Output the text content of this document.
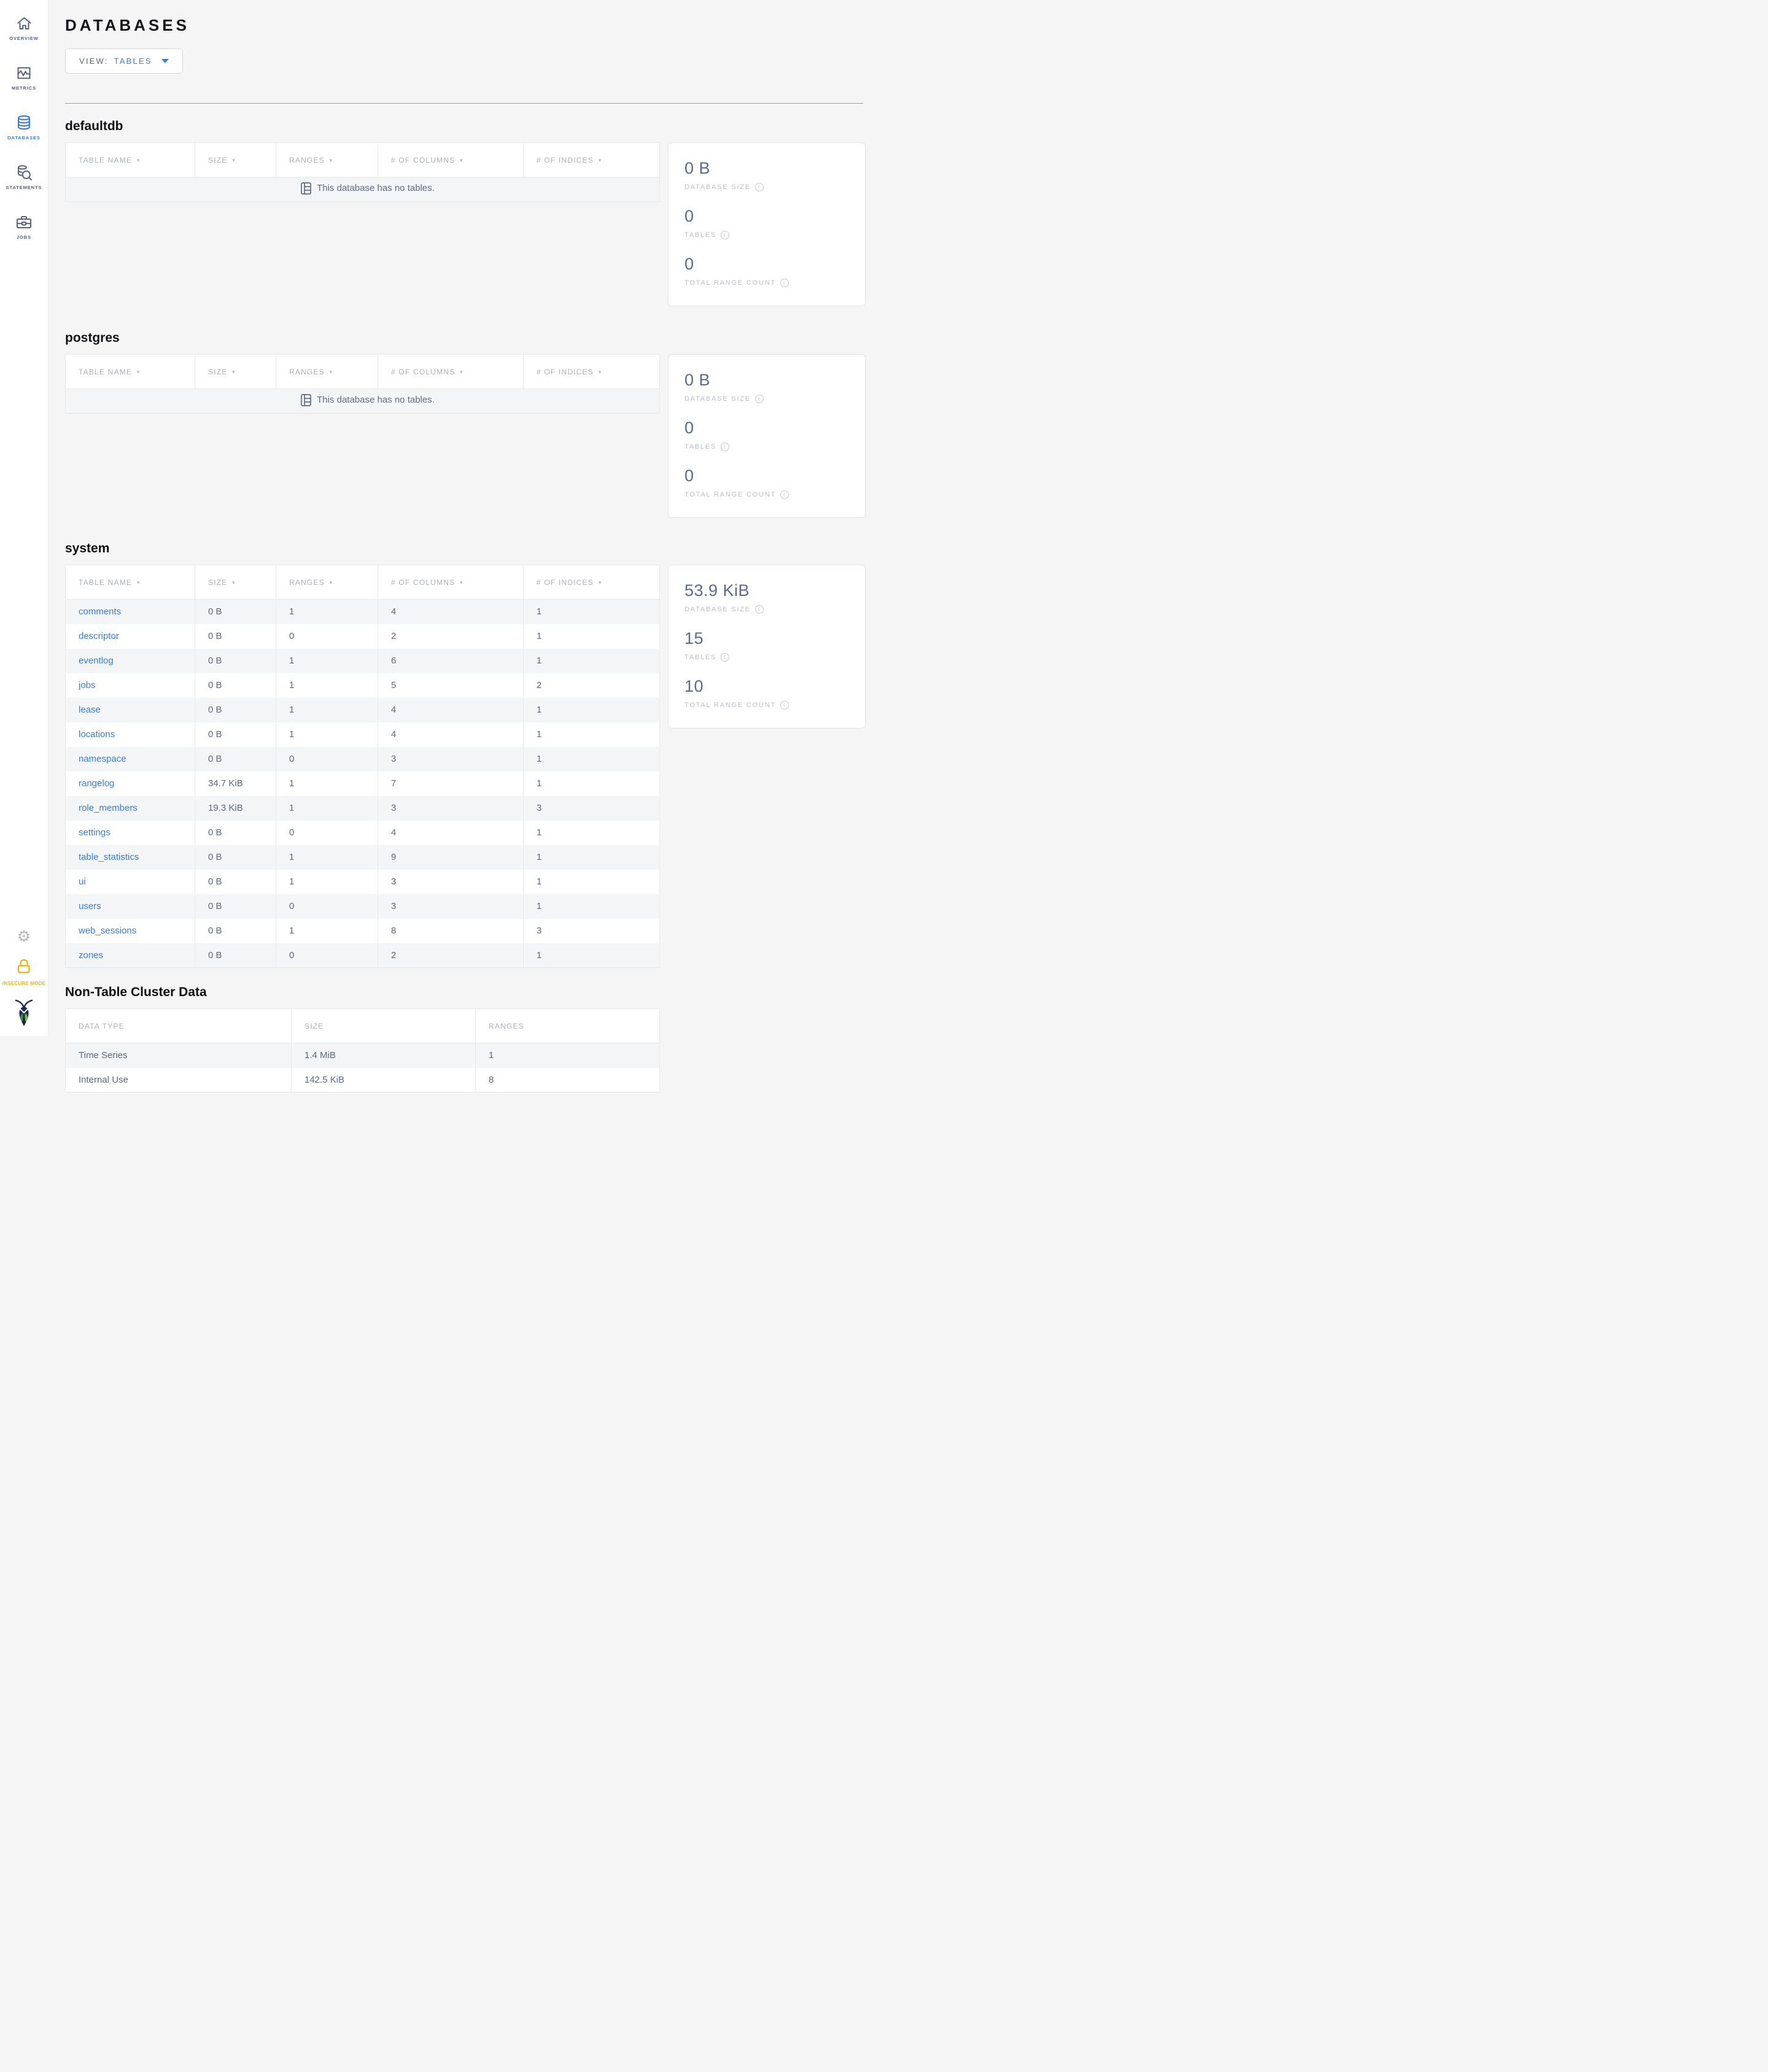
OVERVIEW
METRICS
DATABASES
STATEMENTS
JOBS
⚙
INSECURE MODE
DATABASES
VIEW: TABLES
defaultdb
TABLE NAME ▼	SIZE ▼	RANGES ▼	# OF COLUMNS ▼	# OF INDICES ▼

This database has no tables.
0 B
DATABASE SIZE	I
0
TABLES	I
0
TOTAL RANGE COUNT	I
postgres
TABLE NAME ▼	SIZE ▼	RANGES ▼	# OF COLUMNS ▼	# OF INDICES ▼

This database has no tables.
0 B
DATABASE SIZE	I
0
TABLES	I
0
TOTAL RANGE COUNT	I
system
TABLE NAME ▼	SIZE ▼	RANGES ▼	# OF COLUMNS ▼	# OF INDICES ▼
comments	0 B	1	4	1
descriptor	0 B	0	2	1
eventlog	0 B	1	6	1
jobs	0 B	1	5	2
lease	0 B	1	4	1
locations	0 B	1	4	1
namespace	0 B	0	3	1
rangelog	34.7 KiB	1	7	1
role_members	19.3 KiB	1	3	3
settings	0 B	0	4	1
table_statistics	0 B	1	9	1
ui	0 B	1	3	1
users	0 B	0	3	1
web_sessions	0 B	1	8	3
zones	0 B	0	2	1
53.9 KiB
DATABASE SIZE	I
15
TABLES	I
10
TOTAL RANGE COUNT	I
Non-Table Cluster Data
DATA TYPE	SIZE	RANGES
Time Series	1.4 MiB	1
Internal Use	142.5 KiB	8
